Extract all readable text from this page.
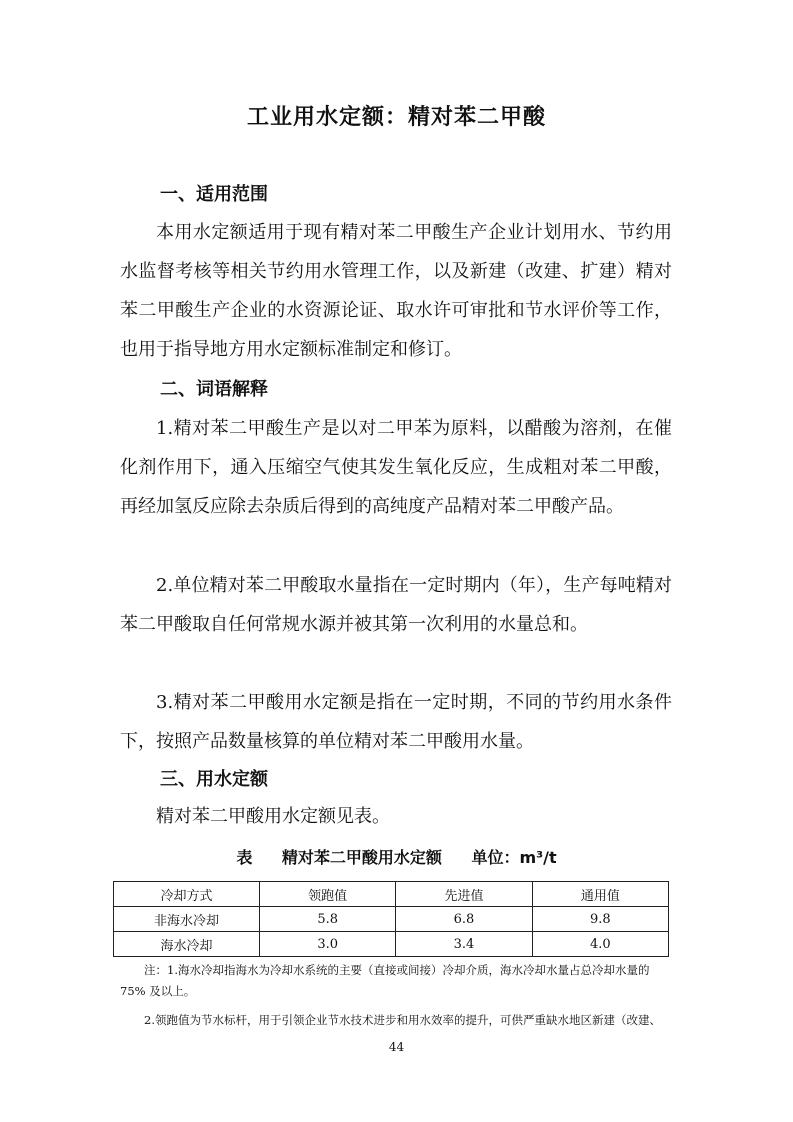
工业用水定额：精对苯二甲酸
一、适用范围
本用水定额适用于现有精对苯二甲酸生产企业计划用水、节约用水监督考核等相关节约用水管理工作，以及新建（改建、扩建）精对苯二甲酸生产企业的水资源论证、取水许可审批和节水评价等工作，也用于指导地方用水定额标准制定和修订。
二、词语解释
1.精对苯二甲酸生产是以对二甲苯为原料，以醋酸为溶剂，在催化剂作用下，通入压缩空气使其发生氧化反应，生成粗对苯二甲酸，再经加氢反应除去杂质后得到的高纯度产品精对苯二甲酸产品。
2.单位精对苯二甲酸取水量指在一定时期内（年），生产每吨精对苯二甲酸取自任何常规水源并被其第一次利用的水量总和。
3.精对苯二甲酸用水定额是指在一定时期，不同的节约用水条件下，按照产品数量核算的单位精对苯二甲酸用水量。
三、用水定额
精对苯二甲酸用水定额见表。
表 精对苯二甲酸用水定额 单位：m³/t
冷却方式	领跑值	先进值	通用值
非海水冷却	5.8	6.8	9.8
海水冷却	3.0	3.4	4.0
注：1.海水冷却指海水为冷却水系统的主要（直接或间接）冷却介质，海水冷却水量占总冷却水量的 75% 及以上。
2.领跑值为节水标杆，用于引领企业节水技术进步和用水效率的提升，可供严重缺水地区新建（改建、
44
